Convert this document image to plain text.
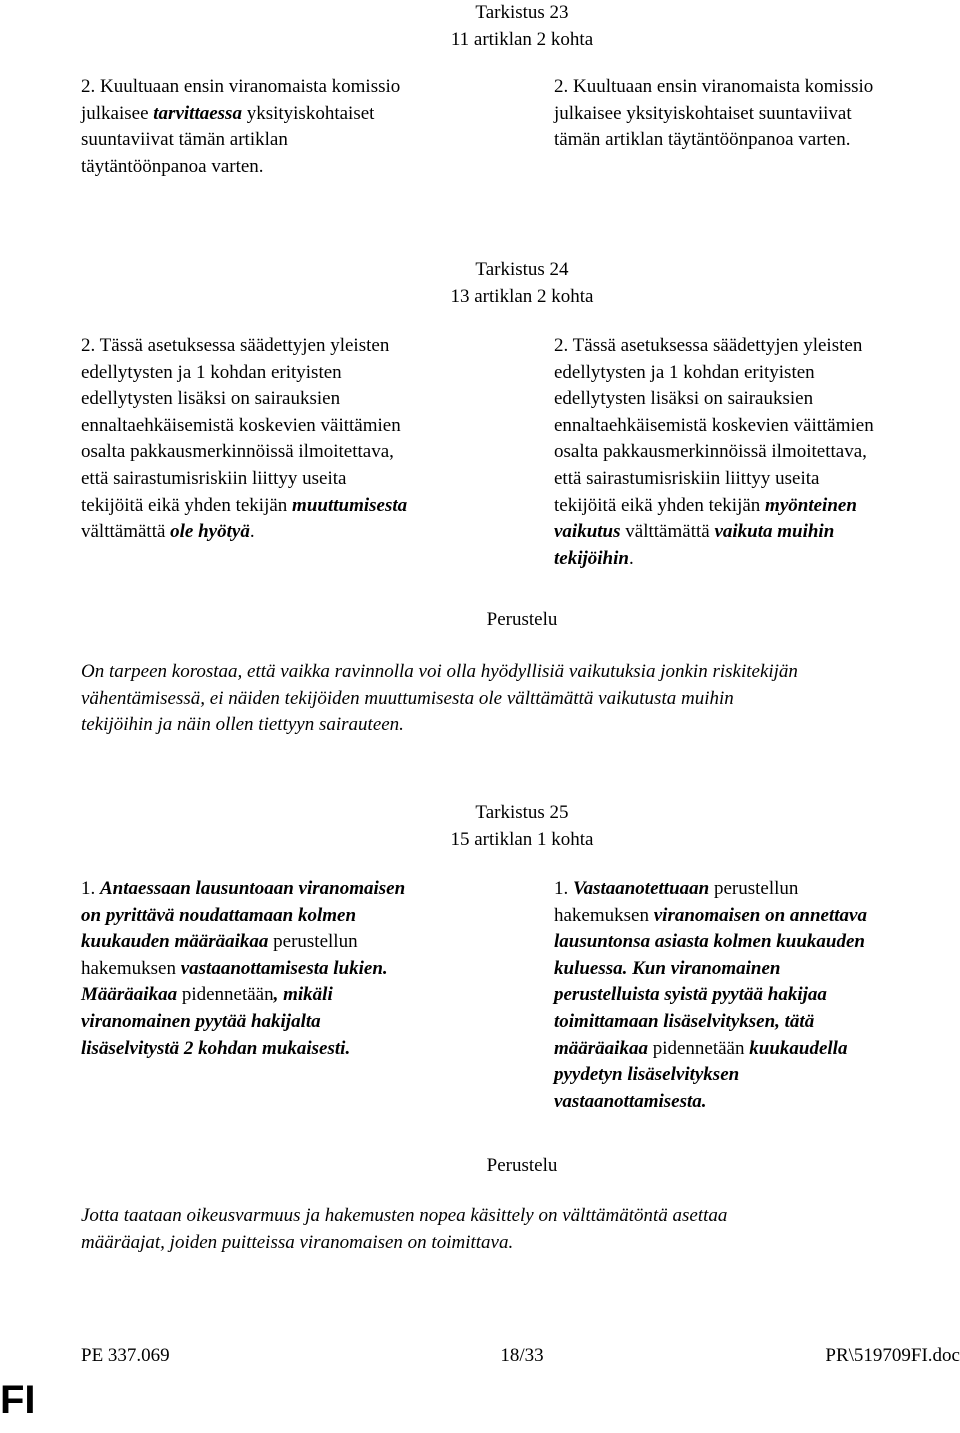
Tarkistus 23

11 artiklan 2 kohta

2. Kuultuaan ensin viranomaista komissio
julkaisee tarvittaessa yksityiskohtaiset
suuntaviivat tämän artiklan
täytäntöönpanoa varten.
2. Kuultuaan ensin viranomaista komissio
julkaisee yksityiskohtaiset suuntaviivat
tämän artiklan täytäntöönpanoa varten.

Tarkistus 24

13 artiklan 2 kohta

2. Tässä asetuksessa säädettyjen yleisten
edellytysten ja 1 kohdan erityisten
edellytysten lisäksi on sairauksien
ennaltaehkäisemistä koskevien väittämien
osalta pakkausmerkinnöissä ilmoitettava,
että sairastumisriskiin liittyy useita
tekijöitä eikä yhden tekijän muuttumisesta
välttämättä ole hyötyä.
2. Tässä asetuksessa säädettyjen yleisten
edellytysten ja 1 kohdan erityisten
edellytysten lisäksi on sairauksien
ennaltaehkäisemistä koskevien väittämien
osalta pakkausmerkinnöissä ilmoitettava,
että sairastumisriskiin liittyy useita
tekijöitä eikä yhden tekijän myönteinen
vaikutus välttämättä vaikuta muihin
tekijöihin.

Perustelu

On tarpeen korostaa, että vaikka ravinnolla voi olla hyödyllisiä vaikutuksia jonkin riskitekijän
vähentämisessä, ei näiden tekijöiden muuttumisesta ole välttämättä vaikutusta muihin
tekijöihin ja näin ollen tiettyyn sairauteen.

Tarkistus 25

15 artiklan 1 kohta

1. Antaessaan lausuntoaan viranomaisen
on pyrittävä noudattamaan kolmen
kuukauden määräaikaa perustellun
hakemuksen vastaanottamisesta lukien.
Määräaikaa pidennetään, mikäli
viranomainen pyytää hakijalta
lisäselvitystä 2 kohdan mukaisesti.
1. Vastaanotettuaan perustellun
hakemuksen viranomaisen on annettava
lausuntonsa asiasta kolmen kuukauden
kuluessa. Kun viranomainen
perustelluista syistä pyytää hakijaa
toimittamaan lisäselvityksen, tätä
määräaikaa pidennetään kuukaudella
pyydetyn lisäselvityksen
vastaanottamisesta.

Perustelu

Jotta taataan oikeusvarmuus ja hakemusten nopea käsittely on välttämätöntä asettaa
määräajat, joiden puitteissa viranomaisen on toimittava.

PE 337.069	18/33	PR\519709FI.doc

FI
